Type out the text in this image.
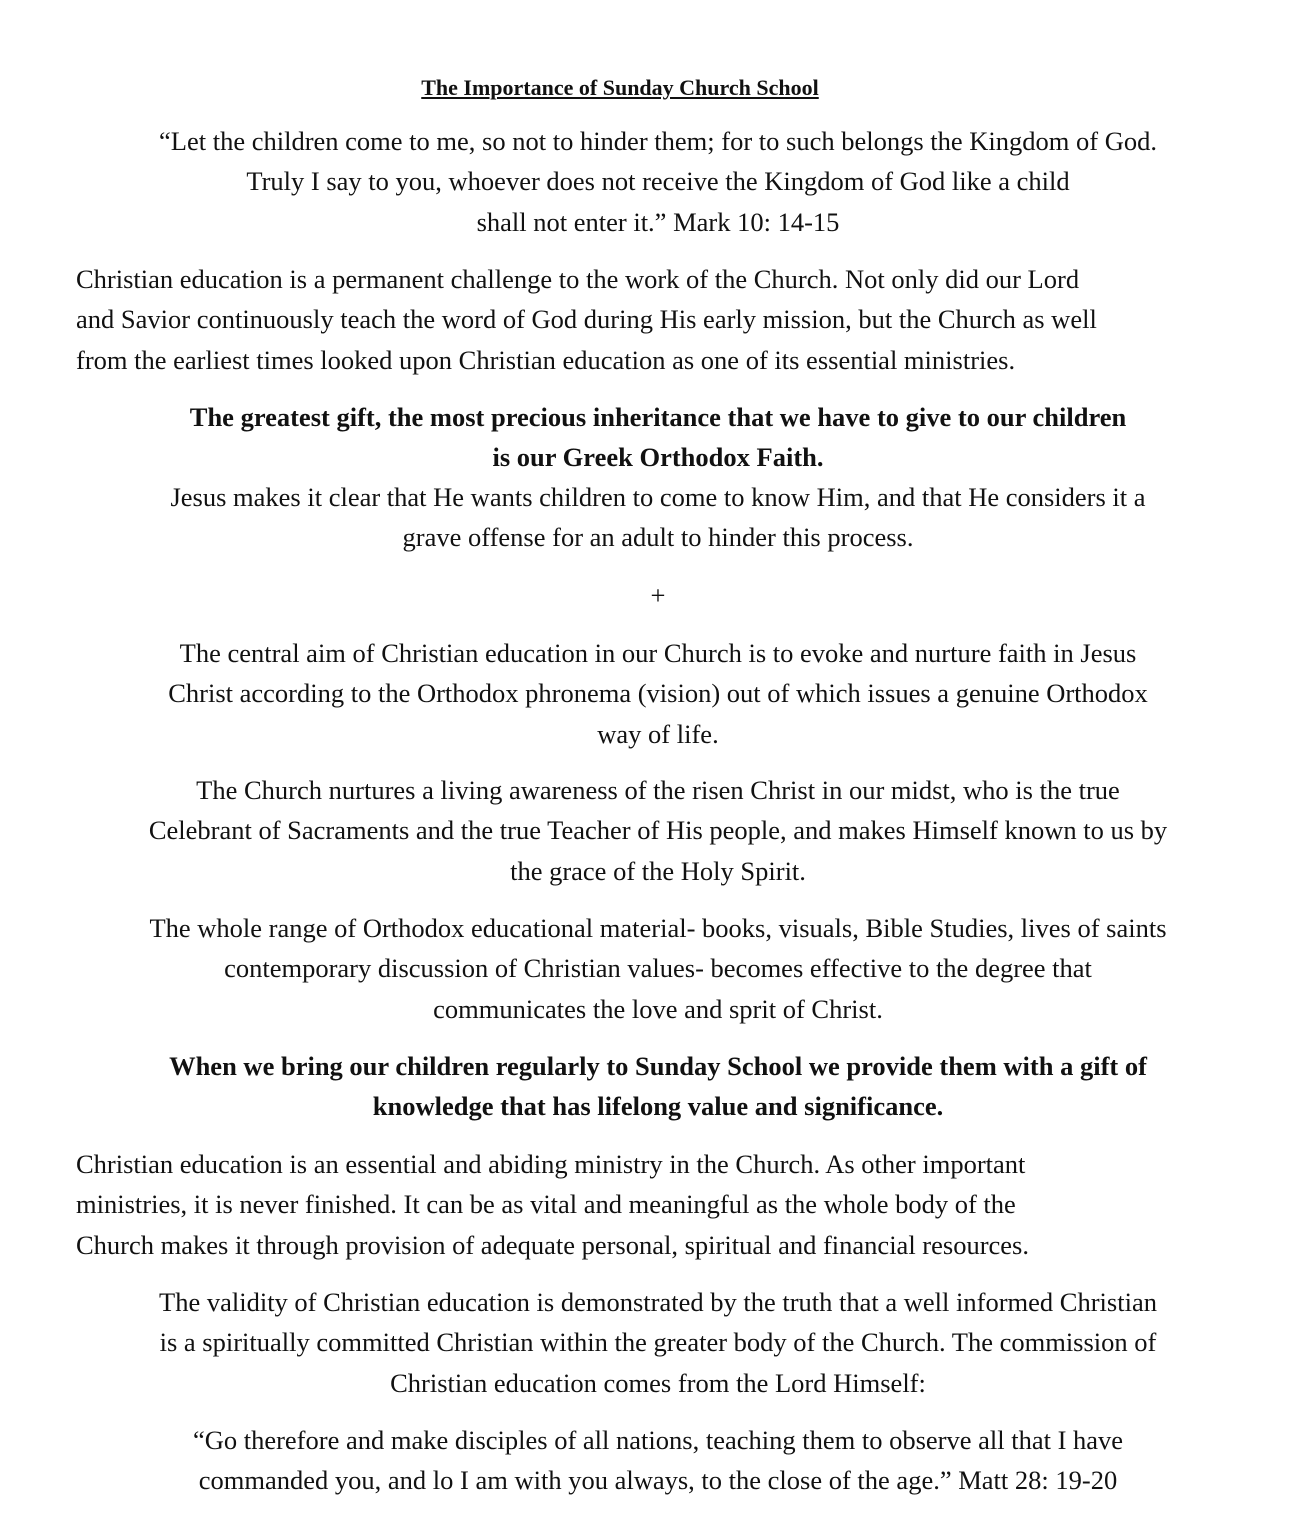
The Importance of Sunday Church School
“Let the children come to me, so not to hinder them; for to such belongs the Kingdom of God.
Truly I say to you, whoever does not receive the Kingdom of God like a child
shall not enter it.” Mark 10: 14-15
Christian education is a permanent challenge to the work of the Church. Not only did our Lord
and Savior continuously teach the word of God during His early mission, but the Church as well
from the earliest times looked upon Christian education as one of its essential ministries.
The greatest gift, the most precious inheritance that we have to give to our children
is our Greek Orthodox Faith.
Jesus makes it clear that He wants children to come to know Him, and that He considers it a
grave offense for an adult to hinder this process.
+
The central aim of Christian education in our Church is to evoke and nurture faith in Jesus
Christ according to the Orthodox phronema (vision) out of which issues a genuine Orthodox
way of life.
The Church nurtures a living awareness of the risen Christ in our midst, who is the true
Celebrant of Sacraments and the true Teacher of His people, and makes Himself known to us by
the grace of the Holy Spirit.
The whole range of Orthodox educational material- books, visuals, Bible Studies, lives of saints
contemporary discussion of Christian values- becomes effective to the degree that
communicates the love and sprit of Christ.
When we bring our children regularly to Sunday School we provide them with a gift of
knowledge that has lifelong value and significance.
Christian education is an essential and abiding ministry in the Church. As other important
ministries, it is never finished. It can be as vital and meaningful as the whole body of the
Church makes it through provision of adequate personal, spiritual and financial resources.
The validity of Christian education is demonstrated by the truth that a well informed Christian
is a spiritually committed Christian within the greater body of the Church. The commission of
Christian education comes from the Lord Himself:
“Go therefore and make disciples of all nations, teaching them to observe all that I have
commanded you, and lo I am with you always, to the close of the age.” Matt 28: 19-20
